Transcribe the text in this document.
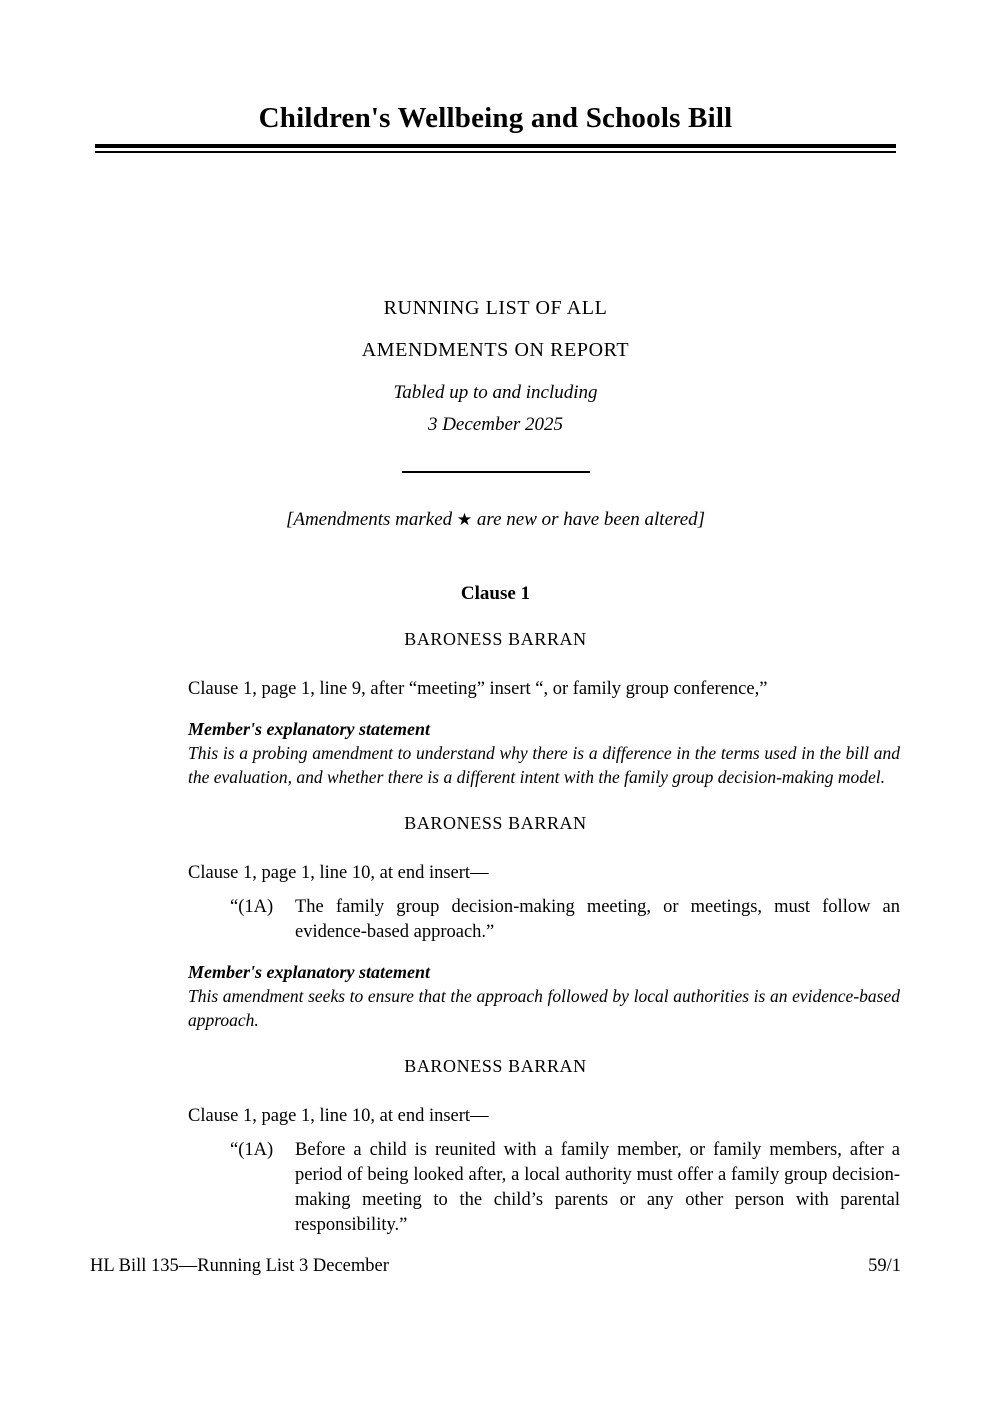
Children's Wellbeing and Schools Bill
RUNNING LIST OF ALL
AMENDMENTS ON REPORT
Tabled up to and including
3 December 2025

[Amendments marked ★ are new or have been altered]

Clause 1
BARONESS BARRAN

Clause 1, page 1, line 9, after “meeting” insert “, or family group conference,”

Member's explanatory statement

This is a probing amendment to understand why there is a difference in the terms used in the bill and the evaluation, and whether there is a different intent with the family group decision-making model.

BARONESS BARRAN

Clause 1, page 1, line 10, at end insert—

“(1A)	The family group decision-making meeting, or meetings, must follow an evidence-based approach.”

Member's explanatory statement

This amendment seeks to ensure that the approach followed by local authorities is an evidence-based approach.

BARONESS BARRAN

Clause 1, page 1, line 10, at end insert—

“(1A)	Before a child is reunited with a family member, or family members, after a period of being looked after, a local authority must offer a family group decision-making meeting to the child’s parents or any other person with parental responsibility.”
HL Bill 135—Running List 3 December	59/1
